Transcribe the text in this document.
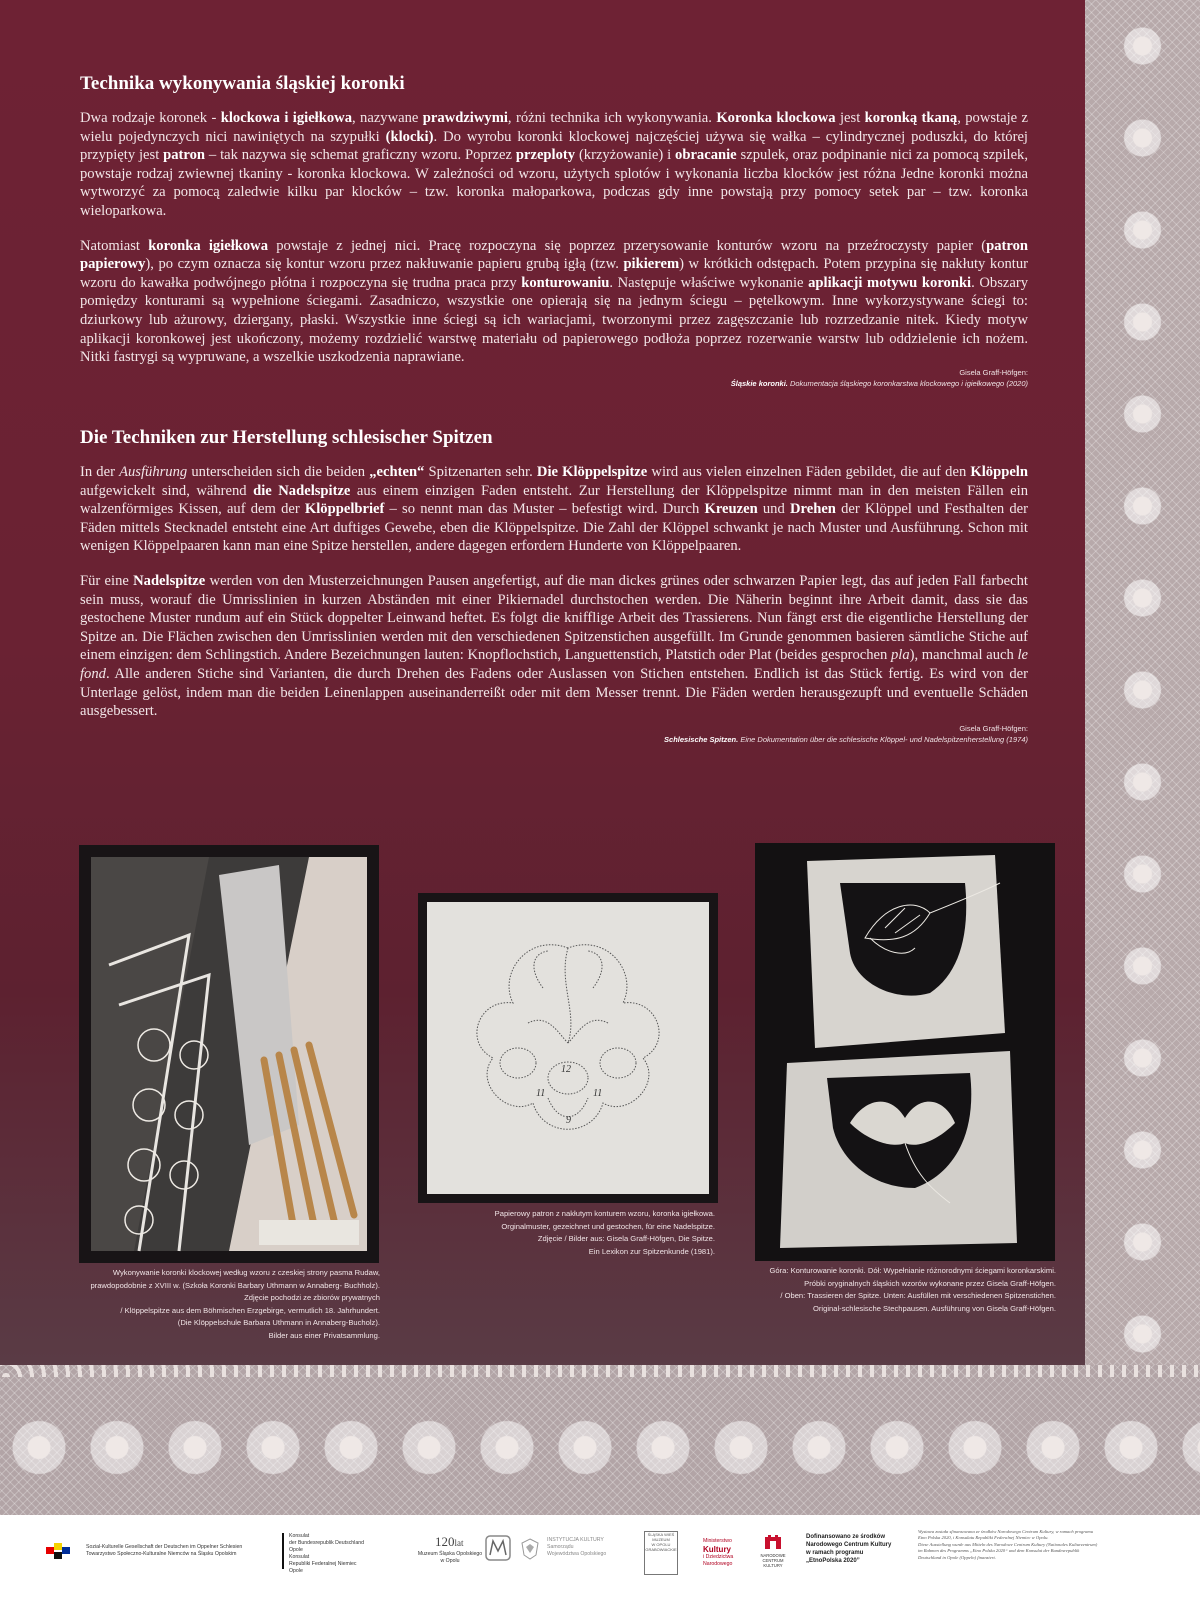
Technika wykonywania śląskiej koronki

Dwa rodzaje koronek - klockowa i igiełkowa, nazywane prawdziwymi, różni technika ich wykonywania. Koronka klockowa jest koronką tkaną, powstaje z wielu pojedynczych nici nawiniętych na szypułki (klocki). Do wyrobu koronki klockowej najczęściej używa się wałka – cylindrycznej poduszki, do której przypięty jest patron – tak nazywa się schemat graficzny wzoru. Poprzez przeploty (krzyżowanie) i obracanie szpulek, oraz podpinanie nici za pomocą szpilek, powstaje rodzaj zwiewnej tkaniny - koronka klockowa. W zależności od wzoru, użytych splotów i wykonania liczba klocków jest różna Jedne koronki można wytworzyć za pomocą zaledwie kilku par klocków – tzw. koronka małoparkowa, podczas gdy inne powstają przy pomocy setek par – tzw. koronka wieloparkowa.

Natomiast koronka igiełkowa powstaje z jednej nici. Pracę rozpoczyna się poprzez przerysowanie konturów wzoru na przeźroczysty papier (patron papierowy), po czym oznacza się kontur wzoru przez nakłuwanie papieru grubą igłą (tzw. pikierem) w krótkich odstępach. Potem przypina się nakłuty kontur wzoru do kawałka podwójnego płótna i rozpoczyna się trudna praca przy konturowaniu. Następuje właściwe wykonanie aplikacji motywu koronki. Obszary pomiędzy konturami są wypełnione ściegami. Zasadniczo, wszystkie one opierają się na jednym ściegu – pętelkowym. Inne wykorzystywane ściegi to: dziurkowy lub ażurowy, dziergany, płaski. Wszystkie inne ściegi są ich wariacjami, tworzonymi przez zagęszczanie lub rozrzedzanie nitek. Kiedy motyw aplikacji koronkowej jest ukończony, możemy rozdzielić warstwę materiału od papierowego podłoża poprzez rozerwanie warstw lub oddzielenie ich nożem. Nitki fastrygi są wypruwane, a wszelkie uszkodzenia naprawiane.

Gisela Graff-Höfgen:
Śląskie koronki. Dokumentacja śląskiego koronkarstwa klockowego i igiełkowego (2020)
Die Techniken zur Herstellung schlesischer Spitzen

In der Ausführung unterscheiden sich die beiden „echten“ Spitzenarten sehr. Die Klöppelspitze wird aus vielen einzelnen Fäden gebildet, die auf den Klöppeln aufgewickelt sind, während die Nadelspitze aus einem einzigen Faden entsteht. Zur Herstellung der Klöppelspitze nimmt man in den meisten Fällen ein walzenförmiges Kissen, auf dem der Klöppelbrief – so nennt man das Muster – befestigt wird. Durch Kreuzen und Drehen der Klöppel und Festhalten der Fäden mittels Stecknadel entsteht eine Art duftiges Gewebe, eben die Klöppelspitze. Die Zahl der Klöppel schwankt je nach Muster und Ausführung. Schon mit wenigen Klöppelpaaren kann man eine Spitze herstellen, andere dagegen erfordern Hunderte von Klöppelpaaren.

Für eine Nadelspitze werden von den Musterzeichnungen Pausen angefertigt, auf die man dickes grünes oder schwarzen Papier legt, das auf jeden Fall farbecht sein muss, worauf die Umrisslinien in kurzen Abständen mit einer Pikiernadel durchstochen werden. Die Näherin beginnt ihre Arbeit damit, dass sie das gestochene Muster rundum auf ein Stück doppelter Leinwand heftet. Es folgt die knifflige Arbeit des Trassierens. Nun fängt erst die eigentliche Herstellung der Spitze an. Die Flächen zwischen den Umrisslinien werden mit den verschiedenen Spitzenstichen ausgefüllt. Im Grunde genommen basieren sämtliche Stiche auf einem einzigen: dem Schlingstich. Andere Bezeichnungen lauten: Knopflochstich, Languettenstich, Platstich oder Plat (beides gesprochen pla), manchmal auch le fond. Alle anderen Stiche sind Varianten, die durch Drehen des Fadens oder Auslassen von Stichen entstehen. Endlich ist das Stück fertig. Es wird von der Unterlage gelöst, indem man die beiden Leinenlappen auseinanderreißt oder mit dem Messer trennt. Die Fäden werden herausgezupft und eventuelle Schäden ausgebessert.

Gisela Graff-Höfgen:
Schlesische Spitzen. Eine Dokumentation über die schlesische Klöppel- und Nadelspitzenherstellung (1974)
Wykonywanie koronki klockowej według wzoru z czeskiej strony pasma Rudaw,
prawdopodobnie z XVIII w. (Szkoła Koronki Barbary Uthmann w Annaberg- Buchholz).
Zdjęcie pochodzi ze zbiorów prywatnych
/ Klöppelspitze aus dem Böhmischen Erzgebirge, vermutlich 18. Jahrhundert.
(Die Klöppelschule Barbara Uthmann in Annaberg-Bucholz).
Bilder aus einer Privatsammlung.
12
11	11
9
Papierowy patron z nakłutym konturem wzoru, koronka igiełkowa.
Orginalmuster, gezeichnet und gestochen, für eine Nadelspitze.
Zdjęcie / Bilder aus: Gisela Graff-Höfgen, Die Spitze.
Ein Lexikon zur Spitzenkunde (1981).
Góra: Konturowanie koronki. Dół: Wypełnianie różnorodnymi ściegami koronkarskimi.
Próbki oryginalnych śląskich wzorów wykonane przez Gisela Graff-Höfgen.
/ Oben: Trassieren der Spitze. Unten: Ausfüllen mit verschiedenen Spitzenstichen.
Original-schlesische Stechpausen. Ausführung von Gisela Graff-Höfgen.
Sozial-Kulturelle Gesellschaft der Deutschen im Oppelner Schlesien
Towarzystwo Społeczno-Kulturalne Niemców na Śląsku Opolskim
Konsulat
der Bundesrepublik Deutschland
Opole
Konsulat
Republiki Federalnej Niemiec
Opole
120lat
Muzeum Śląska Opolskiego
w Opolu
INSTYTUCJA KULTURY
Samorządu
Województwa Opolskiego
ŚLĄSKA WIEŚ
MUZEUM
W OPOLU
GRABOWIACKIE
Ministerstwo
Kultury
i Dziedzictwa
Narodowego
NARODOWE
CENTRUM
KULTURY
Dofinansowano ze środków
Narodowego Centrum Kultury
w ramach programu
„EtnoPolska 2020”
Wystawa została sfinansowana ze środków Narodowego Centrum Kultury, w ramach programu
Etno Polska 2020, i Konsulatu Republiki Federalnej Niemiec w Opolu.
Diese Ausstellung wurde aus Mitteln des Narodowe Centrum Kultury (Nationales Kulturzentrum)
im Rahmen des Programms „Etno Polska 2020“ und dem Konsulat der Bundesrepublik
Deutschland in Opole (Oppeln) finanziert.
